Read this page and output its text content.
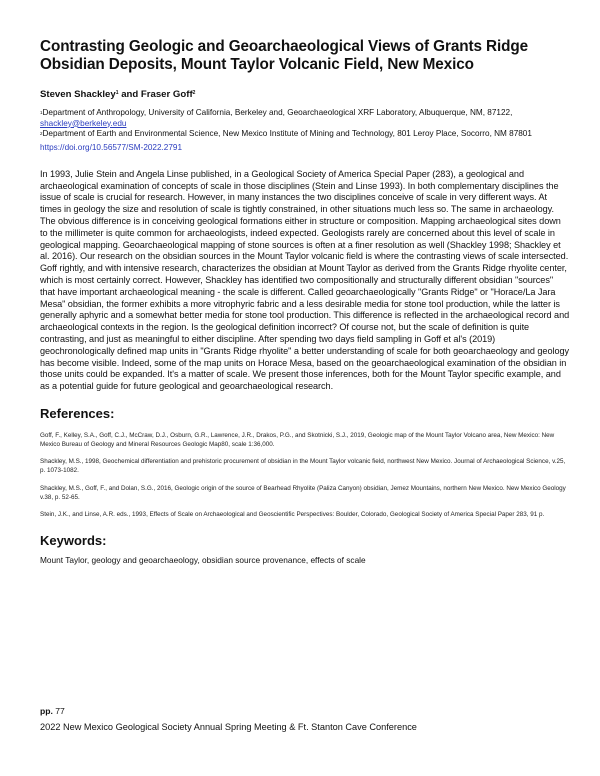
Contrasting Geologic and Geoarchaeological Views of Grants Ridge Obsidian Deposits, Mount Taylor Volcanic Field, New Mexico
Steven Shackley$^1$ and Fraser Goff$^2$

$^1$Department of Anthropology, University of California, Berkeley and, Geoarchaeological XRF Laboratory, Albuquerque, NM, 87122, shackley@berkeley.edu

$^2$Department of Earth and Environmental Science, New Mexico Institute of Mining and Technology, 801 Leroy Place, Socorro, NM 87801

https://doi.org/10.56577/SM-2022.2791

In 1993, Julie Stein and Angela Linse published, in a Geological Society of America Special Paper (283), a geological and archaeological examination of concepts of scale in those disciplines (Stein and Linse 1993). In both complementary disciplines the issue of scale is crucial for research. However, in many instances the two disciplines conceive of scale in very different ways. At times in geology the size and resolution of scale is tightly constrained, in other situations much less so. The same in archaeology. The obvious difference is in conceiving geological formations either in structure or composition. Mapping archaeological sites down to the millimeter is quite common for archaeologists, indeed expected. Geologists rarely are concerned about this level of scale in geological mapping. Geoarchaeological mapping of stone sources is often at a finer resolution as well (Shackley 1998; Shackley et al. 2016). Our research on the obsidian sources in the Mount Taylor volcanic field is where the contrasting views of scale intersected. Goff rightly, and with intensive research, characterizes the obsidian at Mount Taylor as derived from the Grants Ridge rhyolite center, which is most certainly correct. However, Shackley has identified two compositionally and structurally different obsidian "sources" that have important archaeological meaning - the scale is different. Called geoarchaeologically "Grants Ridge" or "Horace/La Jara Mesa" obsidian, the former exhibits a more vitrophyric fabric and a less desirable media for stone tool production, while the latter is generally aphyric and a somewhat better media for stone tool production. This difference is reflected in the archaeological record and archaeological contexts in the region. Is the geological definition incorrect? Of course not, but the scale of definition is quite contrasting, and just as meaningful to either discipline. After spending two days field sampling in Goff et al's (2019) geochronologically defined map units in "Grants Ridge rhyolite" a better understanding of scale for both geoarchaeology and geology has become visible. Indeed, some of the map units on Horace Mesa, based on the geoarchaeological examination of the obsidian in those units could be expanded. It's a matter of scale. We present those inferences, both for the Mount Taylor specific example, and as a potential guide for future geological and geoarchaeological research.

References:

Goff, F., Kelley, S.A., Goff, C.J., McCraw, D.J., Osburn, G.R., Lawrence, J.R., Drakos, P.G., and Skotnicki, S.J., 2019, Geologic map of the Mount Taylor Volcano area, New Mexico: New Mexico Bureau of Geology and Mineral Resources Geologic Map80, scale 1:36,000.

Shackley, M.S., 1998, Geochemical differentiation and prehistoric procurement of obsidian in the Mount Taylor volcanic field, northwest New Mexico. Journal of Archaeological Science, v.25, p. 1073-1082.

Shackley, M.S., Goff, F., and Dolan, S.G., 2016, Geologic origin of the source of Bearhead Rhyolite (Paliza Canyon) obsidian, Jemez Mountains, northern New Mexico. New Mexico Geology v.38, p. 52-65.

Stein, J.K., and Linse, A.R. eds., 1993, Effects of Scale on Archaeological and Geoscientific Perspectives: Boulder, Colorado, Geological Society of America Special Paper 283, 91 p.

Keywords:
Mount Taylor, geology and geoarchaeology, obsidian source provenance, effects of scale
pp. 77
2022 New Mexico Geological Society Annual Spring Meeting & Ft. Stanton Cave Conference
